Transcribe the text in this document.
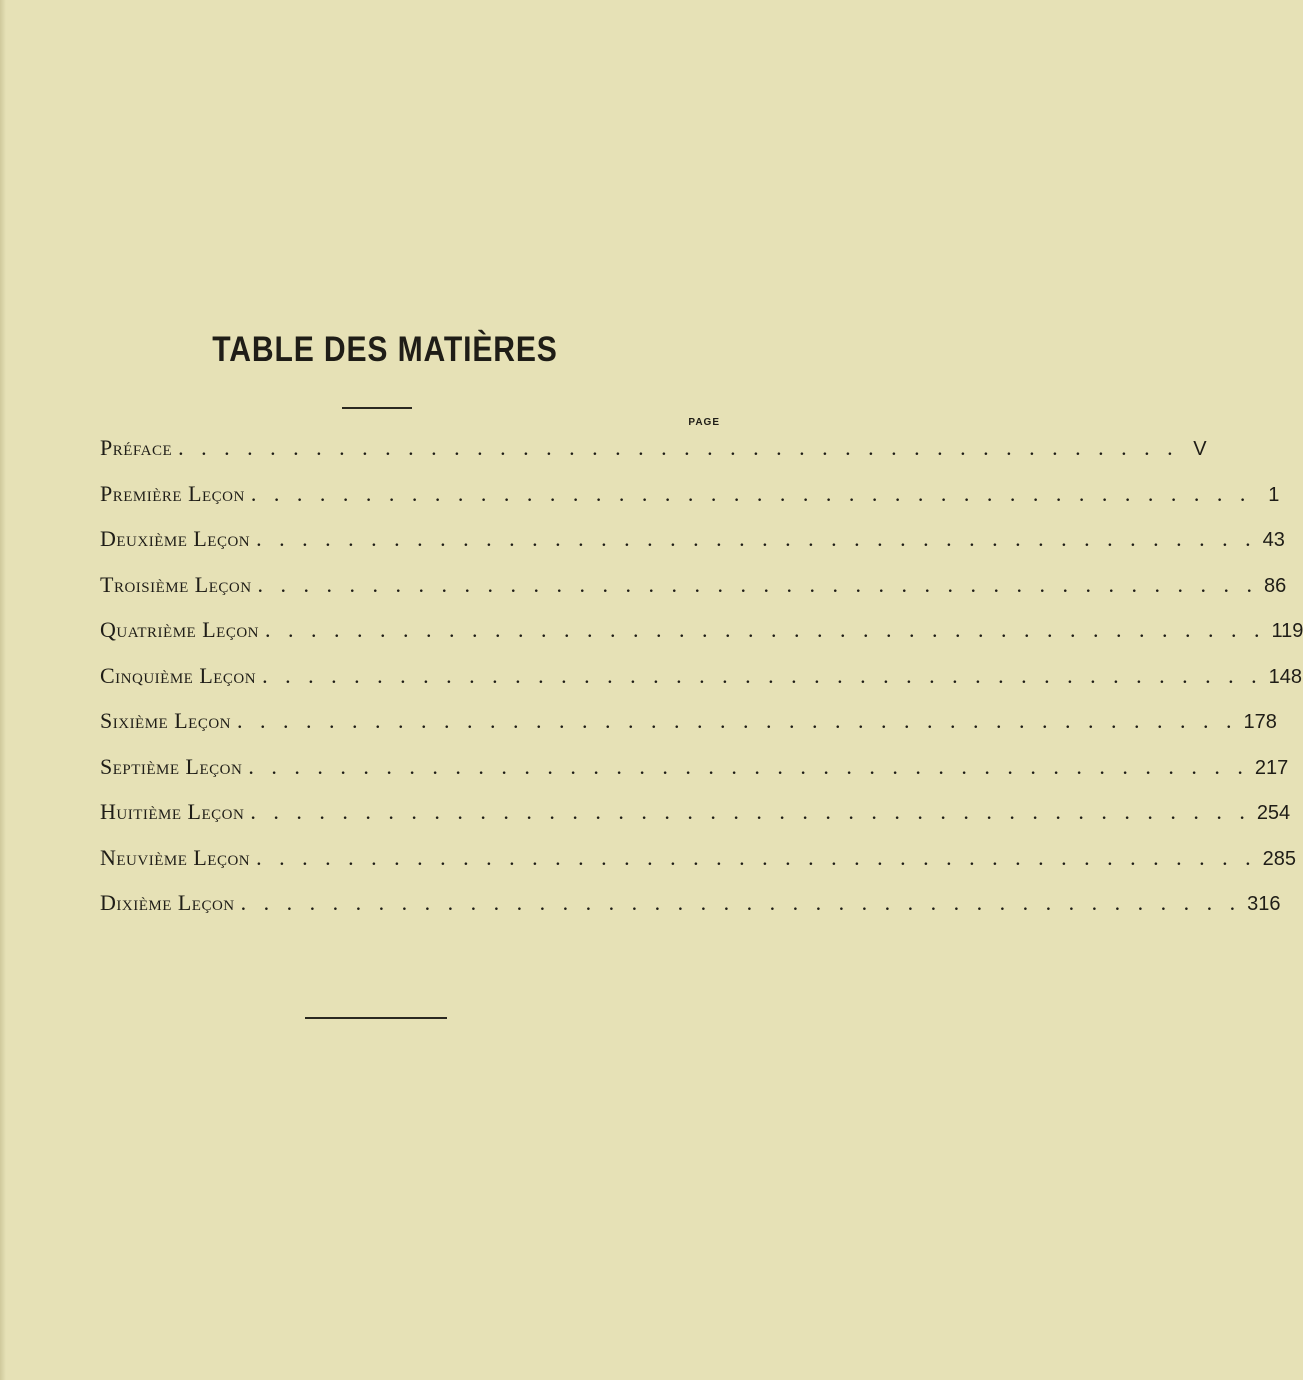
TABLE DES MATIÈRES
PAGE
Préface . . . . . . . . . . . . . . . . . . . . . . . . . . . . . . . . . . . . . . . . . . . . V
Première Leçon . . . . . . . . . . . . . . . . . . . . . . . . . . . . . . . . . . . . . . . . . . . . 1
Deuxième Leçon . . . . . . . . . . . . . . . . . . . . . . . . . . . . . . . . . . . . . . . . . . . . 43
Troisième Leçon . . . . . . . . . . . . . . . . . . . . . . . . . . . . . . . . . . . . . . . . . . . . 86
Quatrième Leçon . . . . . . . . . . . . . . . . . . . . . . . . . . . . . . . . . . . . . . . . . . . . 119
Cinquième Leçon . . . . . . . . . . . . . . . . . . . . . . . . . . . . . . . . . . . . . . . . . . . . 148
Sixième Leçon . . . . . . . . . . . . . . . . . . . . . . . . . . . . . . . . . . . . . . . . . . . . 178
Septième Leçon . . . . . . . . . . . . . . . . . . . . . . . . . . . . . . . . . . . . . . . . . . . . 217
Huitième Leçon . . . . . . . . . . . . . . . . . . . . . . . . . . . . . . . . . . . . . . . . . . . . 254
Neuvième Leçon . . . . . . . . . . . . . . . . . . . . . . . . . . . . . . . . . . . . . . . . . . . . 285
Dixième Leçon . . . . . . . . . . . . . . . . . . . . . . . . . . . . . . . . . . . . . . . . . . . . 316
